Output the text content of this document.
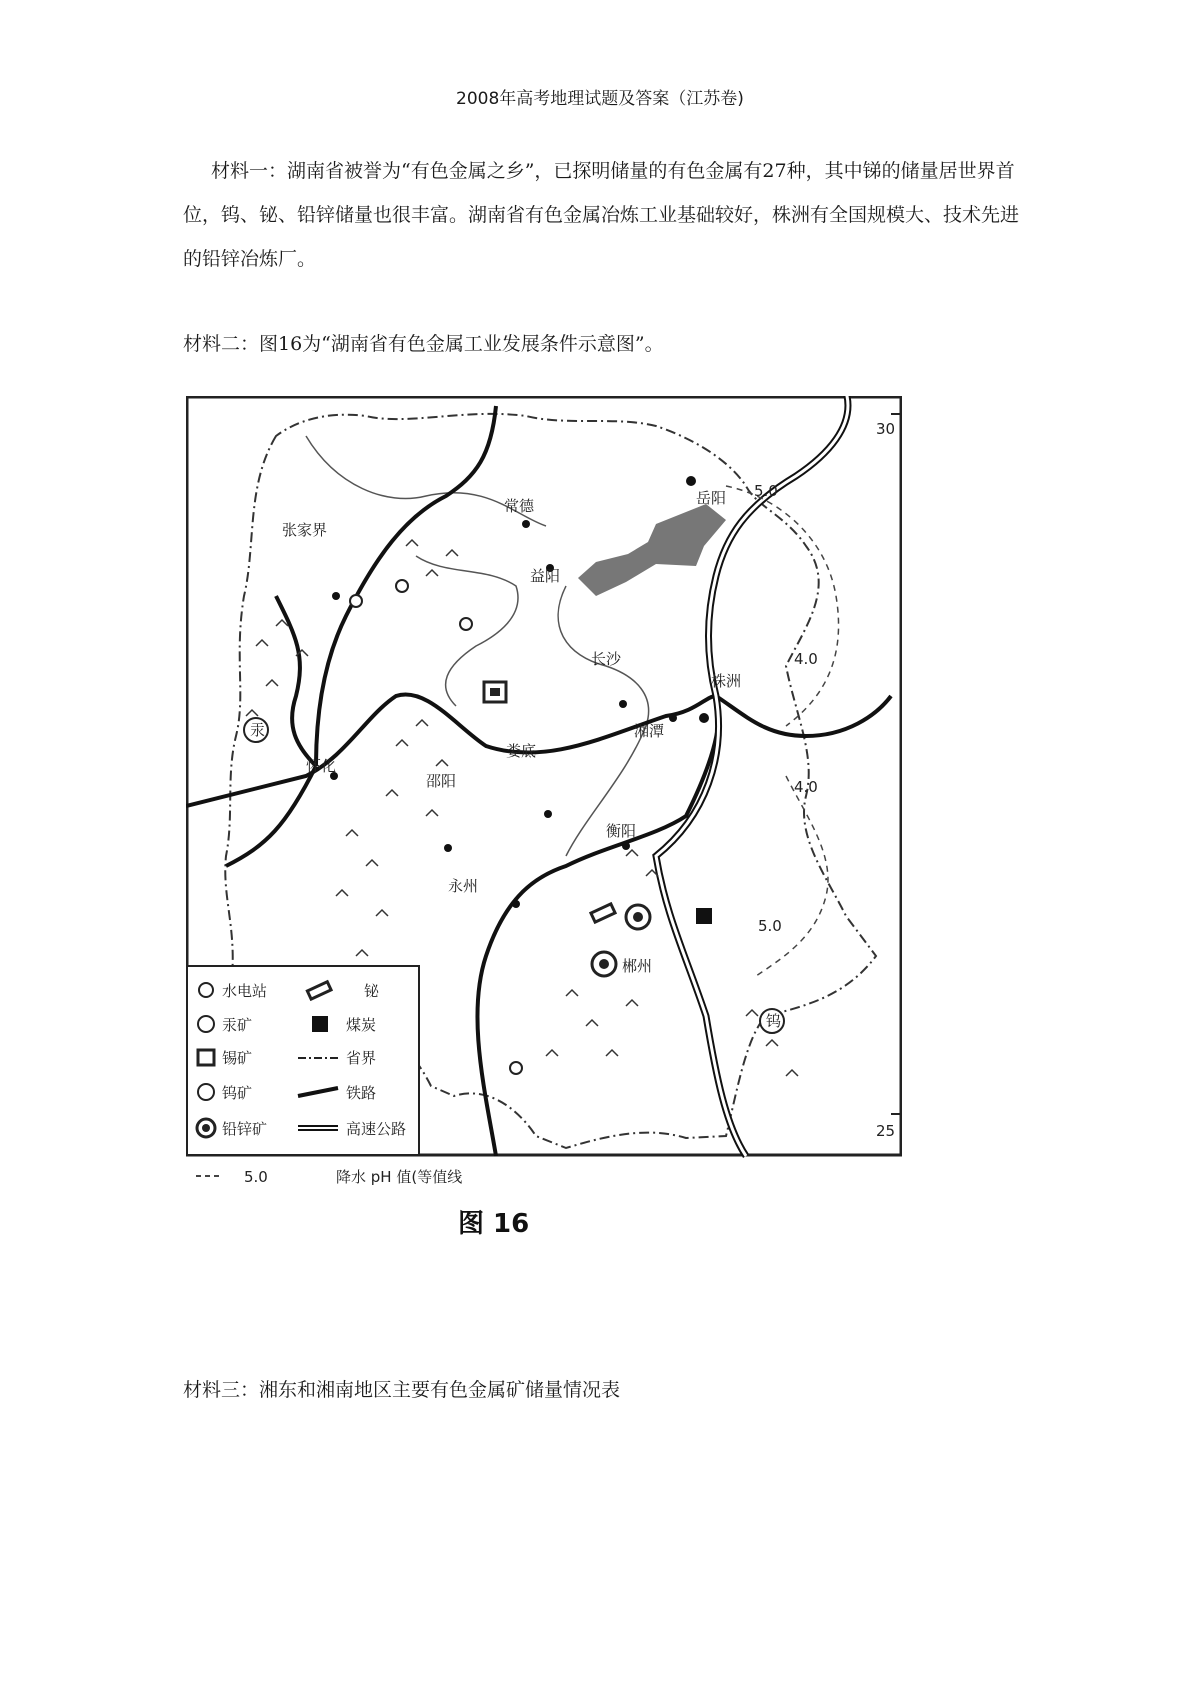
2008年高考地理试题及答案（江苏卷)

材料一：湖南省被誉为“有色金属之乡”，已探明储量的有色金属有27种，其中锑的储量居世界首位，钨、铋、铅锌储量也很丰富。湖南省有色金属冶炼工业基础较好，株洲有全国规模大、技术先进的铅锌冶炼厂。

材料二：图16为“湖南省有色金属工业发展条件示意图”。

汞
钨
常德
张家界
岳阳
益阳
长沙
株洲
湘潭
娄底
怀化
邵阳
衡阳
永州
郴州
5.0
4.0
4.0
5.0
30
25
水电站	铋
汞矿	煤炭
锡矿	省界
钨矿	铁路
铅锌矿	高速公路
5.0	降水 pH 值(等值线
图 16

材料三：湘东和湘南地区主要有色金属矿储量情况表
